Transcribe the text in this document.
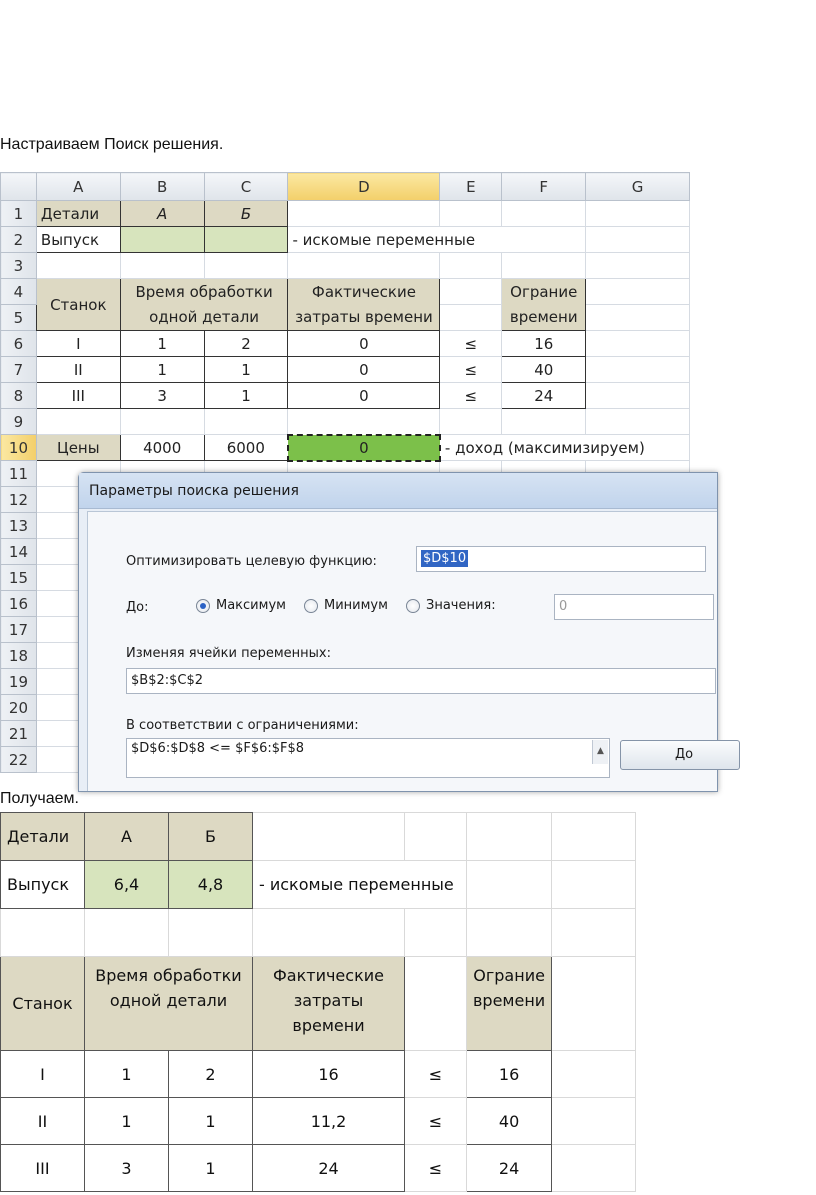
Настраиваем Поиск решения.
	A	B	C	D	E	F	G
1	Детали	А	Б				
2	Выпуск			- искомые переменные			
3							
4	Станок	Время обработки		Фактические		Ограние	
5		одной детали		затраты времени		времени	
6	I	1	2	0	≤	16	
7	II	1	1	0	≤	40	
8	III	3	1	0	≤	24	
9							
10	Цены	4000	6000	0	- доход (максимизируем)		
11							
12							
13							
14							
15							
16							
17							
18							
19							
20							
21							
22							
Параметры поиска решения
Оптимизировать целевую функцию:	$D$10
До:	Максимум	Минимум	Значения:	0
Изменяя ячейки переменных:
$B$2:$C$2
В соответствии с ограничениями:
$D$6:$D$8 <= $F$6:$F$8	▲	До
Получаем.
Детали	А	Б				
Выпуск	6,4	4,8	- искомые переменные			

Станок	Время обработки одной детали		Фактические затраты времени		Ограние времени	
I	1	2	16	≤	16	
II	1	1	11,2	≤	40	
III	3	1	24	≤	24	
